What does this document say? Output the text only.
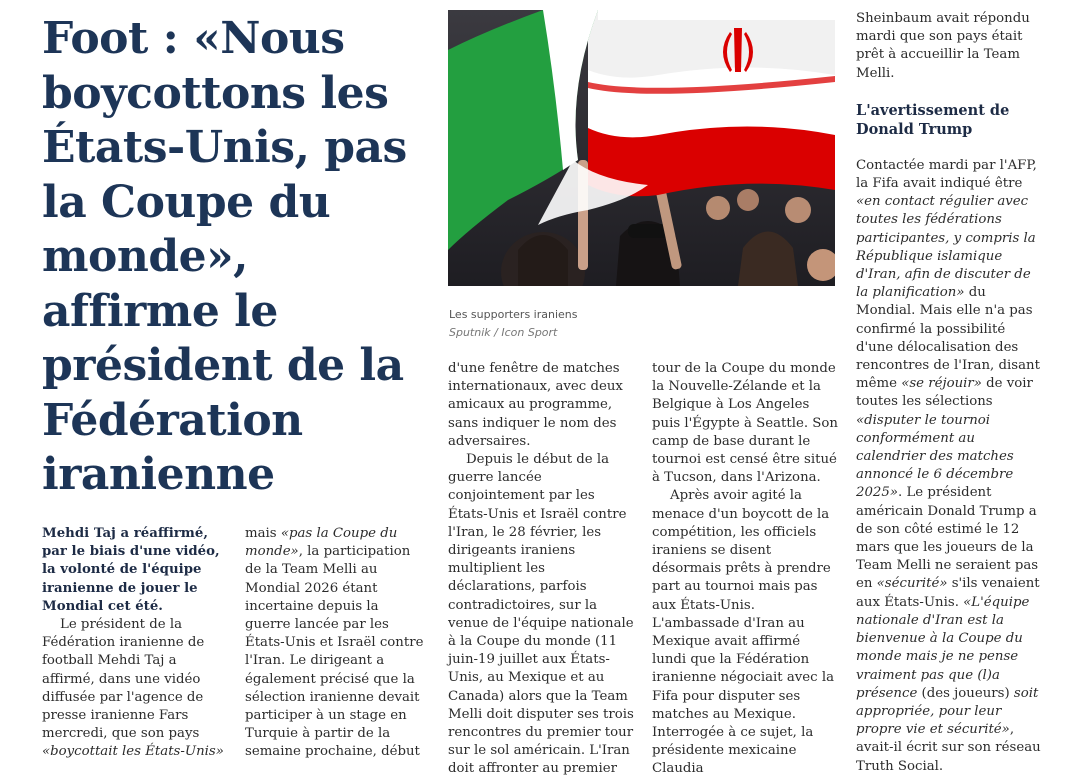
Foot : «Nous boycottons les États-Unis, pas la Coupe du monde», affirme le président de la Fédération iranienne
Les supporters iraniens
Sputnik / Icon Sport

Mehdi Taj a réaffirmé, par le biais d'une vidéo, la volonté de l'équipe iranienne de jouer le Mondial cet été.

Le président de la Fédération iranienne de football Mehdi Taj a affirmé, dans une vidéo diffusée par l'agence de presse iranienne Fars mercredi, que son pays «boycottait les États-Unis»

mais «pas la Coupe du monde», la participation de la Team Melli au Mondial 2026 étant incertaine depuis la guerre lancée par les États-Unis et Israël contre l'Iran. Le dirigeant a également précisé que la sélection iranienne devait participer à un stage en Turquie à partir de la semaine prochaine, début

d'une fenêtre de matches internationaux, avec deux amicaux au programme, sans indiquer le nom des adversaires.

Depuis le début de la guerre lancée conjointement par les États-Unis et Israël contre l'Iran, le 28 février, les dirigeants iraniens multiplient les déclarations, parfois contradictoires, sur la venue de l'équipe nationale à la Coupe du monde (11 juin-19 juillet aux États-Unis, au Mexique et au Canada) alors que la Team Melli doit disputer ses trois rencontres du premier tour sur le sol américain. L'Iran doit affronter au premier

tour de la Coupe du monde la Nouvelle-Zélande et la Belgique à Los Angeles puis l'Égypte à Seattle. Son camp de base durant le tournoi est censé être situé à Tucson, dans l'Arizona.

Après avoir agité la menace d'un boycott de la compétition, les officiels iraniens se disent désormais prêts à prendre part au tournoi mais pas aux États-Unis. L'ambassade d'Iran au Mexique avait affirmé lundi que la Fédération iranienne négociait avec la Fifa pour disputer ses matches au Mexique. Interrogée à ce sujet, la présidente mexicaine Claudia

Sheinbaum avait répondu mardi que son pays était prêt à accueillir la Team Melli.

L'avertissement de Donald Trump

Contactée mardi par l'AFP, la Fifa avait indiqué être «en contact régulier avec toutes les fédérations participantes, y compris la République islamique d'Iran, afin de discuter de la planification» du Mondial. Mais elle n'a pas confirmé la possibilité d'une délocalisation des rencontres de l'Iran, disant même «se réjouir» de voir toutes les sélections «disputer le tournoi conformément au calendrier des matches annoncé le 6 décembre 2025». Le président américain Donald Trump a de son côté estimé le 12 mars que les joueurs de la Team Melli ne seraient pas en «sécurité» s'ils venaient aux États-Unis. «L'équipe nationale d'Iran est la bienvenue à la Coupe du monde mais je ne pense vraiment pas que (l)a présence (des joueurs) soit appropriée, pour leur propre vie et sécurité», avait-il écrit sur son réseau Truth Social.
